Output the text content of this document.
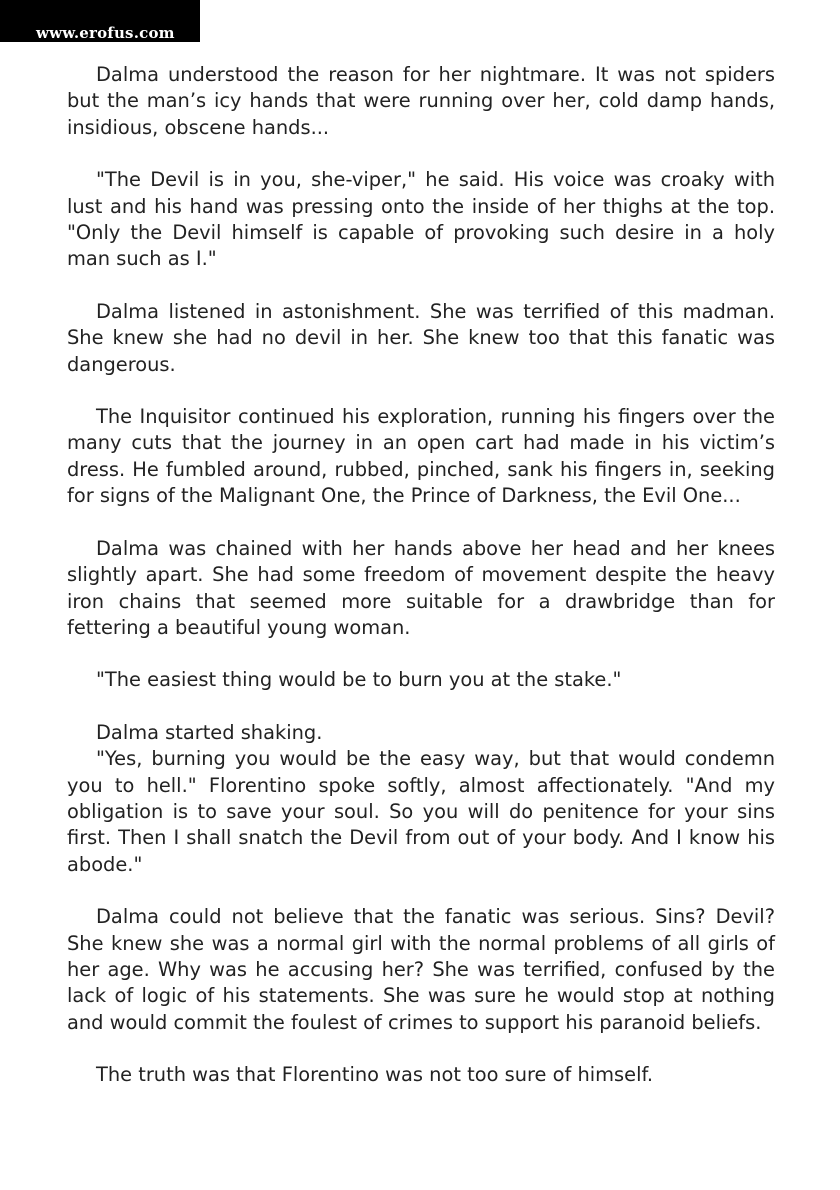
www.erofus.com

Dalma understood the reason for her nightmare. It was not spiders but the man’s icy hands that were running over her, cold damp hands, insidious, obscene hands...

"The Devil is in you, she-viper," he said. His voice was croaky with lust and his hand was pressing onto the inside of her thighs at the top. "Only the Devil himself is capable of provoking such desire in a holy man such as I."

Dalma listened in astonishment. She was terrified of this madman. She knew she had no devil in her. She knew too that this fanatic was dangerous.

The Inquisitor continued his exploration, running his fingers over the many cuts that the journey in an open cart had made in his victim’s dress. He fumbled around, rubbed, pinched, sank his fingers in, seeking for signs of the Malignant One, the Prince of Darkness, the Evil One...

Dalma was chained with her hands above her head and her knees slightly apart. She had some freedom of movement despite the heavy iron chains that seemed more suitable for a drawbridge than for fettering a beautiful young woman.

"The easiest thing would be to burn you at the stake."

Dalma started shaking.

"Yes, burning you would be the easy way, but that would condemn you to hell." Florentino spoke softly, almost affectionately. "And my obligation is to save your soul. So you will do penitence for your sins first. Then I shall snatch the Devil from out of your body. And I know his abode."

Dalma could not believe that the fanatic was serious. Sins? Devil? She knew she was a normal girl with the normal problems of all girls of her age. Why was he accusing her? She was terrified, confused by the lack of logic of his statements. She was sure he would stop at nothing and would commit the foulest of crimes to support his paranoid beliefs.

The truth was that Florentino was not too sure of himself.
